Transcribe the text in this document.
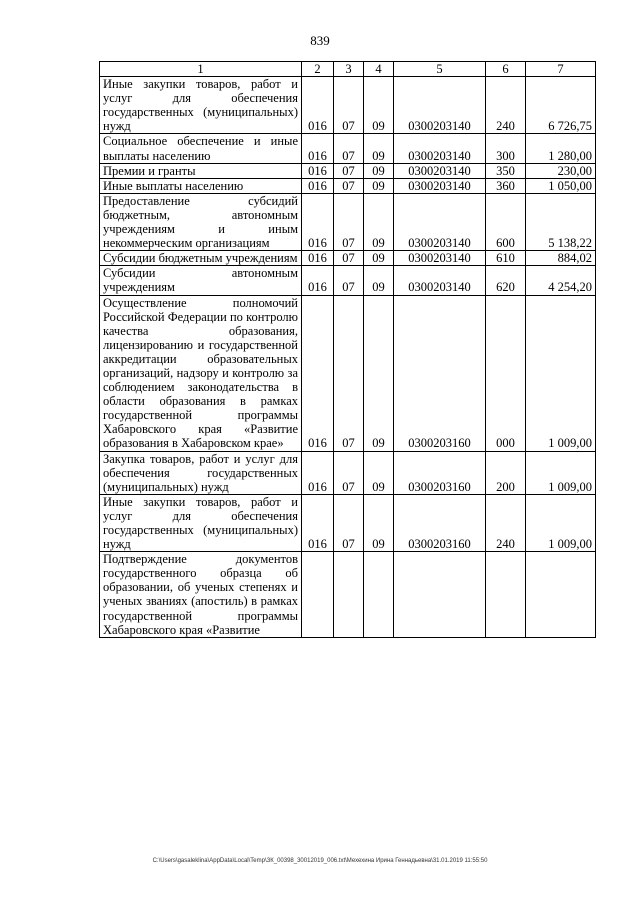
839
1	2	3	4	5	6	7
Иные закупки товаров, работ и услуг для обеспечения государственных (муниципальных) нужд	016	07	09	0300203140	240	6 726,75
Социальное обеспечение и иные выплаты населению	016	07	09	0300203140	300	1 280,00
Премии и гранты	016	07	09	0300203140	350	230,00
Иные выплаты населению	016	07	09	0300203140	360	1 050,00
Предоставление субсидий бюджетным, автономным учреждениям и иным некоммерческим организациям	016	07	09	0300203140	600	5 138,22
Субсидии бюджетным учреждениям	016	07	09	0300203140	610	884,02
Субсидии автономным учреждениям	016	07	09	0300203140	620	4 254,20
Осуществление полномочий Российской Федерации по контролю качества образования, лицензированию и государственной аккредитации образовательных организаций, надзору и контролю за соблюдением законодательства в области образования в рамках государственной программы Хабаровского края «Развитие образования в Хабаровском крае»	016	07	09	0300203160	000	1 009,00
Закупка товаров, работ и услуг для обеспечения государственных (муниципальных) нужд	016	07	09	0300203160	200	1 009,00
Иные закупки товаров, работ и услуг для обеспечения государственных (муниципальных) нужд	016	07	09	0300203160	240	1 009,00
Подтверждение документов государственного образца об образовании, об ученых степенях и ученых званиях (апостиль) в рамках государственной программы Хабаровского края «Развитие						
C:\Users\gasaleklina\AppData\Local\Temp\ЗК_00398_30012019_006.txt\Мехехина Ирина Геннадьевна\31.01.2019 11:55:50
